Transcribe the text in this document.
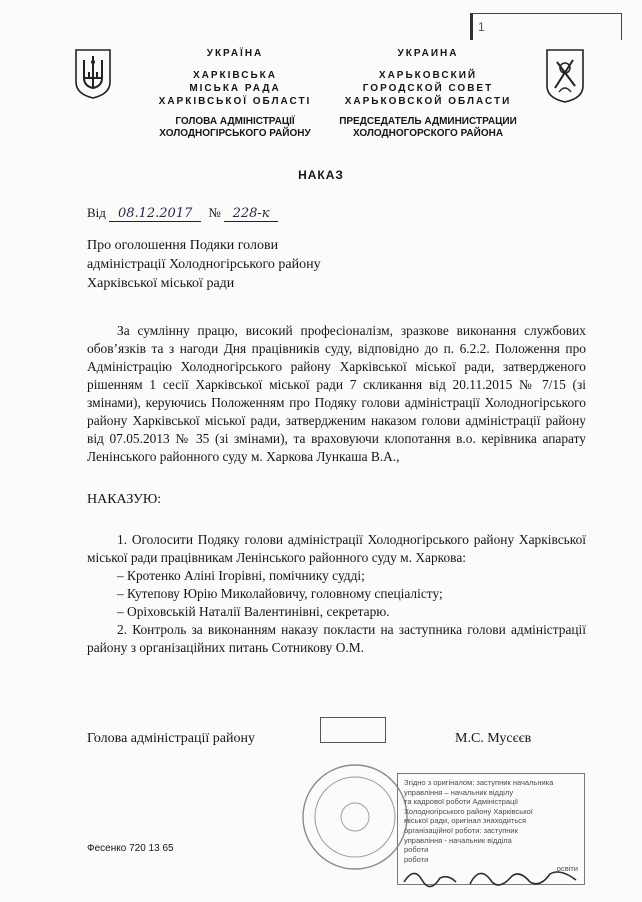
1
УКРАЇНА
ХАРКІВСЬКА
МІСЬКА РАДА
ХАРКІВСЬКОЇ ОБЛАСТІ
ГОЛОВА АДМІНІСТРАЦІЇ
ХОЛОДНОГІРСЬКОГО РАЙОНУ
УКРАИНА
ХАРЬКОВСКИЙ
ГОРОДСКОЙ СОВЕТ
ХАРЬКОВСКОЙ ОБЛАСТИ
ПРЕДСЕДАТЕЛЬ АДМИНИСТРАЦИИ
ХОЛОДНОГОРСКОГО РАЙОНА
НАКАЗ
Від 08.12.2017 № 228-к
Про оголошення Подяки голови
адміністрації Холодногірського району
Харківської міської ради
За сумлінну працю, високий професіоналізм, зразкове виконання службових обов’язків та з нагоди Дня працівників суду, відповідно до п. 6.2.2. Положення про Адміністрацію Холодногірського району Харківської міської ради, затвердженого рішенням 1 сесії Харківської міської ради 7 скликання від 20.11.2015 № 7/15 (зі змінами), керуючись Положенням про Подяку голови адміністрації Холодногірського району Харківської міської ради, затвердженим наказом голови адміністрації району від 07.05.2013 № 35 (зі змінами), та враховуючи клопотання в.о. керівника апарату Ленінського районного суду м. Харкова Лункаша В.А.,
НАКАЗУЮ:

1. Оголосити Подяку голови адміністрації Холодногірського району Харківської міської ради працівникам Ленінського районного суду м. Харкова:

– Кротенко Аліні Ігорівні, помічнику судді;

– Кутепову Юрію Миколайовичу, головному спеціалісту;

– Оріховській Наталії Валентинівні, секретарю.

2. Контроль за виконанням наказу покласти на заступника голови адміністрації району з організаційних питань Сотникову О.М.

Голова адміністрації району	М.С. Мусєєв
Згідно з оригіналом: заступник начальника
управління – начальник відділу
та кадрової роботи Адміністрації
Холодногірського району Харківської
міської ради, оригінал знаходиться
організаційної роботи: заступник
управління - начальник відділа
роботи
роботи
освіти
Фесенко 720 13 65
